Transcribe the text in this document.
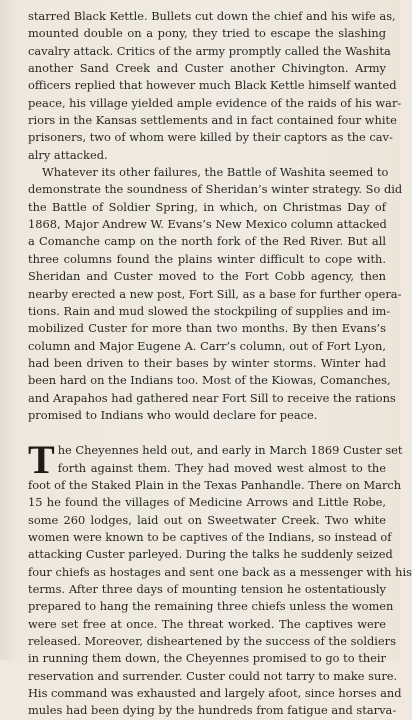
starred Black Kettle. Bullets cut down the chief and his wife as,
mounted double on a pony, they tried to escape the slashing
cavalry attack. Critics of the army promptly called the Washita
another Sand Creek and Custer another Chivington. Army
officers replied that however much Black Kettle himself wanted
peace, his village yielded ample evidence of the raids of his war-
riors in the Kansas settlements and in fact contained four white
prisoners, two of whom were killed by their captors as the cav-
alry attacked.
Whatever its other failures, the Battle of Washita seemed to
demonstrate the soundness of Sheridan’s winter strategy. So did
the Battle of Soldier Spring, in which, on Christmas Day of
1868, Major Andrew W. Evans’s New Mexico column attacked
a Comanche camp on the north fork of the Red River. But all
three columns found the plains winter difficult to cope with.
Sheridan and Custer moved to the Fort Cobb agency, then
nearby erected a new post, Fort Sill, as a base for further opera-
tions. Rain and mud slowed the stockpiling of supplies and im-
mobilized Custer for more than two months. By then Evans’s
column and Major Eugene A. Carr’s column, out of Fort Lyon,
had been driven to their bases by winter storms. Winter had
been hard on the Indians too. Most of the Kiowas, Comanches,
and Arapahos had gathered near Fort Sill to receive the rations
promised to Indians who would declare for peace.
T he Cheyennes held out, and early in March 1869 Custer set
forth against them. They had moved west almost to the
foot of the Staked Plain in the Texas Panhandle. There on March
15 he found the villages of Medicine Arrows and Little Robe,
some 260 lodges, laid out on Sweetwater Creek. Two white
women were known to be captives of the Indians, so instead of
attacking Custer parleyed. During the talks he suddenly seized
four chiefs as hostages and sent one back as a messenger with his
terms. After three days of mounting tension he ostentatiously
prepared to hang the remaining three chiefs unless the women
were set free at once. The threat worked. The captives were
released. Moreover, disheartened by the success of the soldiers
in running them down, the Cheyennes promised to go to their
reservation and surrender. Custer could not tarry to make sure.
His command was exhausted and largely afoot, since horses and
mules had been dying by the hundreds from fatigue and starva-
